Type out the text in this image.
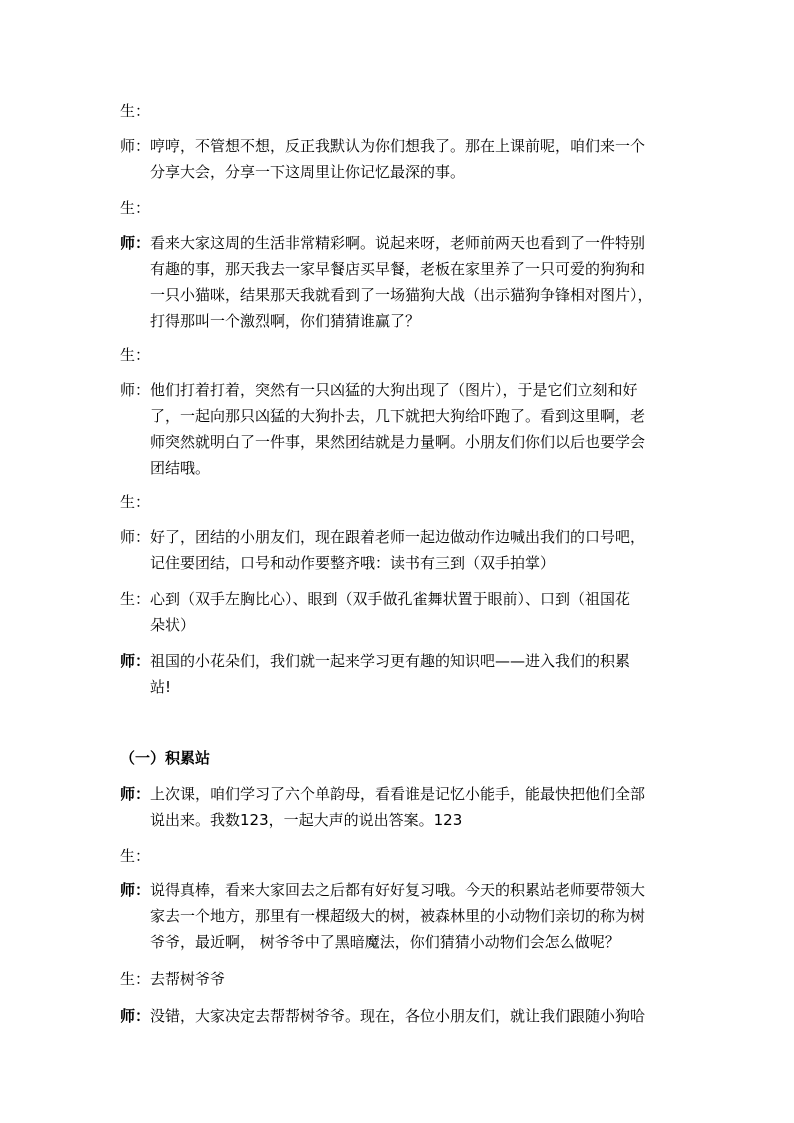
生：

师：哼哼，不管想不想，反正我默认为你们想我了。那在上课前呢，咱们来一个
分享大会，分享一下这周里让你记忆最深的事。

生：

师：看来大家这周的生活非常精彩啊。说起来呀，老师前两天也看到了一件特别
有趣的事，那天我去一家早餐店买早餐，老板在家里养了一只可爱的狗狗和
一只小猫咪，结果那天我就看到了一场猫狗大战（出示猫狗争锋相对图片），
打得那叫一个激烈啊，你们猜猜谁赢了？

生：

师：他们打着打着，突然有一只凶猛的大狗出现了（图片），于是它们立刻和好
了，一起向那只凶猛的大狗扑去，几下就把大狗给吓跑了。看到这里啊，老
师突然就明白了一件事，果然团结就是力量啊。小朋友们你们以后也要学会
团结哦。

生：

师：好了，团结的小朋友们，现在跟着老师一起边做动作边喊出我们的口号吧，
记住要团结，口号和动作要整齐哦：读书有三到（双手拍掌）

生：心到（双手左胸比心）、眼到（双手做孔雀舞状置于眼前）、口到（祖国花
朵状）

师：祖国的小花朵们，我们就一起来学习更有趣的知识吧——进入我们的积累
站!

（一）积累站

师：上次课，咱们学习了六个单韵母，看看谁是记忆小能手，能最快把他们全部
说出来。我数123，一起大声的说出答案。123

生：

师：说得真棒，看来大家回去之后都有好好复习哦。今天的积累站老师要带领大
家去一个地方，那里有一棵超级大的树，被森林里的小动物们亲切的称为树
爷爷，最近啊， 树爷爷中了黑暗魔法，你们猜猜小动物们会怎么做呢？

生：去帮树爷爷

师：没错，大家决定去帮帮树爷爷。现在，各位小朋友们，就让我们跟随小狗哈
